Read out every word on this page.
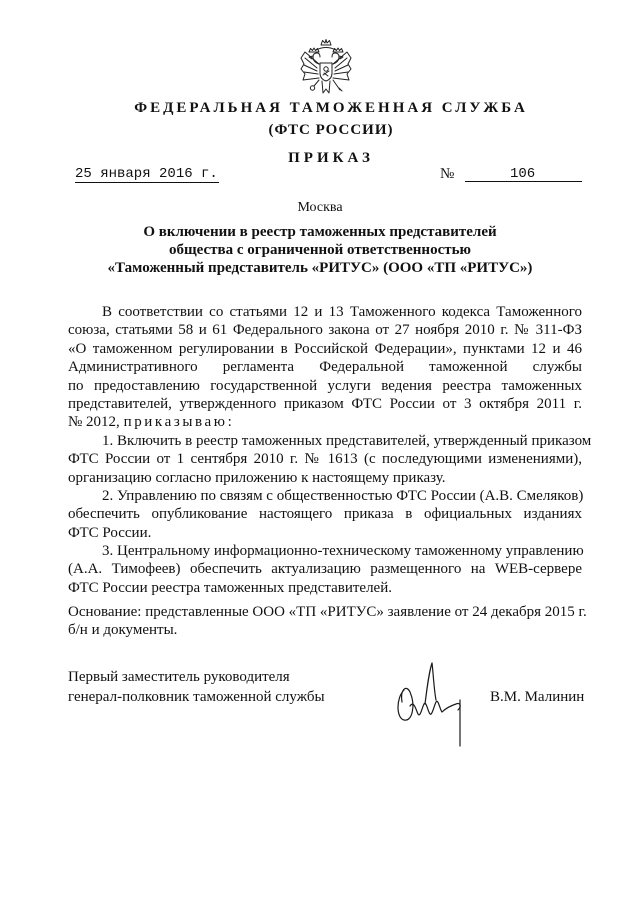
ФЕДЕРАЛЬНАЯ ТАМОЖЕННАЯ СЛУЖБА
(ФТС РОССИИ)
ПРИКАЗ
25 января 2016 г.	№	106
Москва
О включении в реестр таможенных представителей
общества с ограниченной ответственностью
«Таможенный представитель «РИТУС» (ООО «ТП «РИТУС»)
В соответствии со статьями 12 и 13 Таможенного кодекса Таможенного
союза, статьями 58 и 61 Федерального закона от 27 ноября 2010 г. № 311-ФЗ
«О таможенном регулировании в Российской Федерации», пунктами 12 и 46
Административного регламента Федеральной таможенной службы
по предоставлению государственной услуги ведения реестра таможенных
представителей, утвержденного приказом ФТС России от 3 октября 2011 г.
№ 2012, приказываю:
1. Включить в реестр таможенных представителей, утвержденный приказом
ФТС России от 1 сентября 2010 г. № 1613 (с последующими изменениями),
организацию согласно приложению к настоящему приказу.
2. Управлению по связям с общественностью ФТС России (А.В. Смеляков)
обеспечить опубликование настоящего приказа в официальных изданиях
ФТС России.
3. Центральному информационно-техническому таможенному управлению
(А.А. Тимофеев) обеспечить актуализацию размещенного на WEB-сервере
ФТС России реестра таможенных представителей.
Основание: представленные ООО «ТП «РИТУС» заявление от 24 декабря 2015 г.
б/н и документы.
Первый заместитель руководителя
генерал-полковник таможенной службы	В.М. Малинин
